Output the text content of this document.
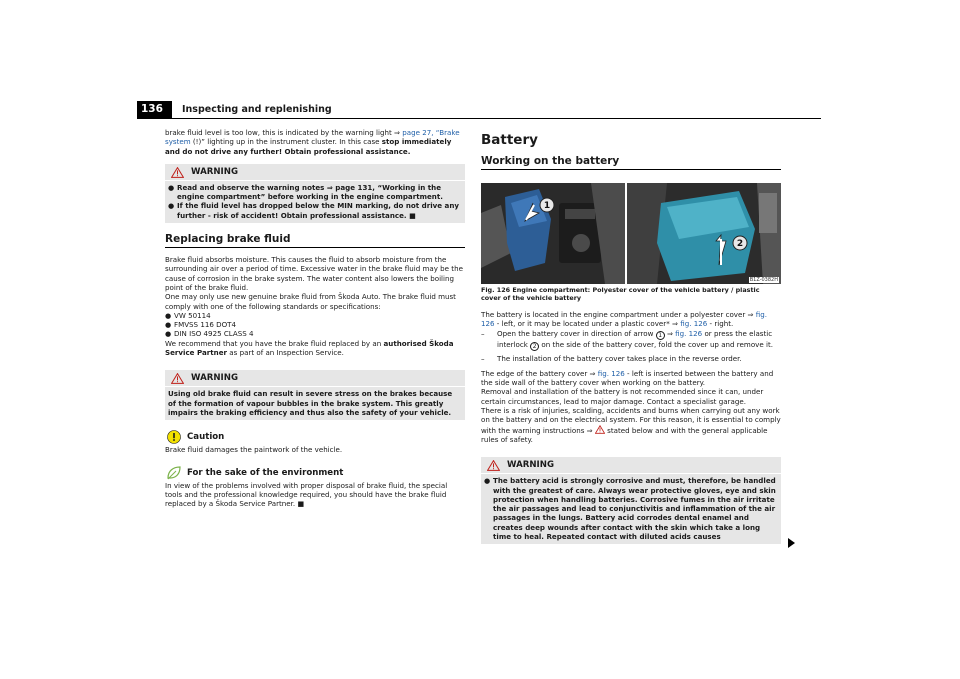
136	Inspecting and replenishing

brake fluid level is too low, this is indicated by the warning light ⇒ page 27, “Brake system (!)” lighting up in the instrument cluster. In this case stop immediately and do not drive any further! Obtain professional assistance.

WARNING
● Read and observe the warning notes ⇒ page 131, “Working in the engine compartment” before working in the engine compartment.
● If the fluid level has dropped below the MIN marking, do not drive any further - risk of accident! Obtain professional assistance. ■
Replacing brake fluid

Brake fluid absorbs moisture. This causes the fluid to absorb moisture from the surrounding air over a period of time. Excessive water in the brake fluid may be the cause of corrosion in the brake system. The water content also lowers the boiling point of the brake fluid.

One may only use new genuine brake fluid from Škoda Auto. The brake fluid must comply with one of the following standards or specifications:

● VW 50114
● FMVSS 116 DOT4
● DIN ISO 4925 CLASS 4

We recommend that you have the brake fluid replaced by an authorised Škoda Service Partner as part of an Inspection Service.

WARNING
Using old brake fluid can result in severe stress on the brakes because of the formation of vapour bubbles in the brake system. This greatly impairs the braking efficiency and thus also the safety of your vehicle.
Caution

Brake fluid damages the paintwork of the vehicle.

For the sake of the environment

In view of the problems involved with proper disposal of brake fluid, the special tools and the professional knowledge required, you should have the brake fluid replaced by a Škoda Service Partner. ■

Battery
Working on the battery
1
2
B1Z-0382H

Fig. 126 Engine compartment: Polyester cover of the vehicle battery / plastic cover of the vehicle battery

The battery is located in the engine compartment under a polyester cover ⇒ fig. 126 - left, or it may be located under a plastic cover* ⇒ fig. 126 - right.

–	Open the battery cover in direction of arrow 1 ⇒ fig. 126 or press the elastic interlock 2 on the side of the battery cover, fold the cover up and remove it.
–	The installation of the battery cover takes place in the reverse order.

The edge of the battery cover ⇒ fig. 126 - left is inserted between the battery and the side wall of the battery cover when working on the battery.

Removal and installation of the battery is not recommended since it can, under certain circumstances, lead to major damage. Contact a specialist garage.

There is a risk of injuries, scalding, accidents and burns when carrying out any work on the battery and on the electrical system. For this reason, it is essential to comply with the warning instructions ⇒  stated below and with the general applicable rules of safety.

WARNING
● The battery acid is strongly corrosive and must, therefore, be handled with the greatest of care. Always wear protective gloves, eye and skin protection when handling batteries. Corrosive fumes in the air irritate the air passages and lead to conjunctivitis and inflammation of the air passages in the lungs. Battery acid corrodes dental enamel and creates deep wounds after contact with the skin which take a long time to heal. Repeated contact with diluted acids causes
